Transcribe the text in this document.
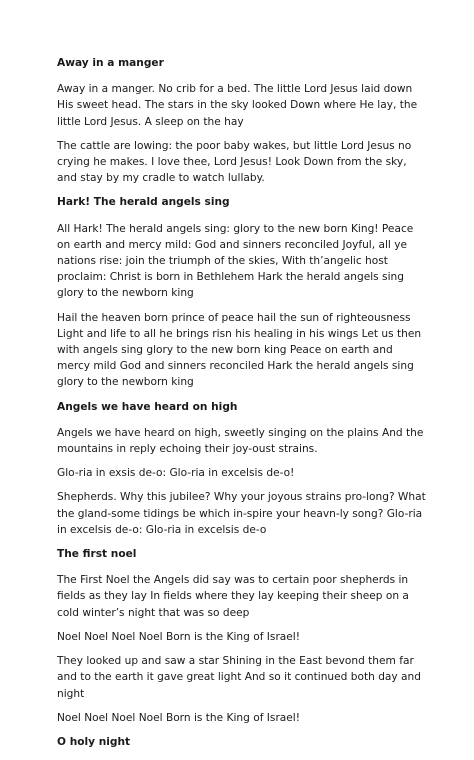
Away in a manger

Away in a manger. No crib for a bed. The little Lord Jesus laid down His sweet head. The stars in the sky looked Down where He lay, the little Lord Jesus. A sleep on the hay

The cattle are lowing: the poor baby wakes, but little Lord Jesus no crying he makes. I love thee, Lord Jesus! Look Down from the sky, and stay by my cradle to watch lullaby.

Hark! The herald angels sing

All Hark! The herald angels sing: glory to the new born King! Peace on earth and mercy mild: God and sinners reconciled Joyful, all ye nations rise: join the triumph of the skies, With th’angelic host proclaim: Christ is born in Bethlehem Hark the herald angels sing glory to the newborn king

Hail the heaven born prince of peace hail the sun of righteousness Light and life to all he brings risn his healing in his wings Let us then with angels sing glory to the new born king Peace on earth and mercy mild God and sinners reconciled Hark the herald angels sing glory to the newborn king

Angels we have heard on high

Angels we have heard on high, sweetly singing on the plains And the mountains in reply echoing their joy-oust strains.

Glo-ria in exsis de-o: Glo-ria in excelsis de-o!

Shepherds. Why this jubilee? Why your joyous strains pro-long? What the gland-some tidings be which in-spire your heavn-ly song? Glo-ria in excelsis de-o: Glo-ria in excelsis de-o

The first noel

The First Noel the Angels did say was to certain poor shepherds in fields as they lay In fields where they lay keeping their sheep on a cold winter’s night that was so deep

Noel Noel Noel Noel Born is the King of Israel!

They looked up and saw a star Shining in the East bevond them far and to the earth it gave great light And so it continued both day and night

Noel Noel Noel Noel Born is the King of Israel!

O holy night
